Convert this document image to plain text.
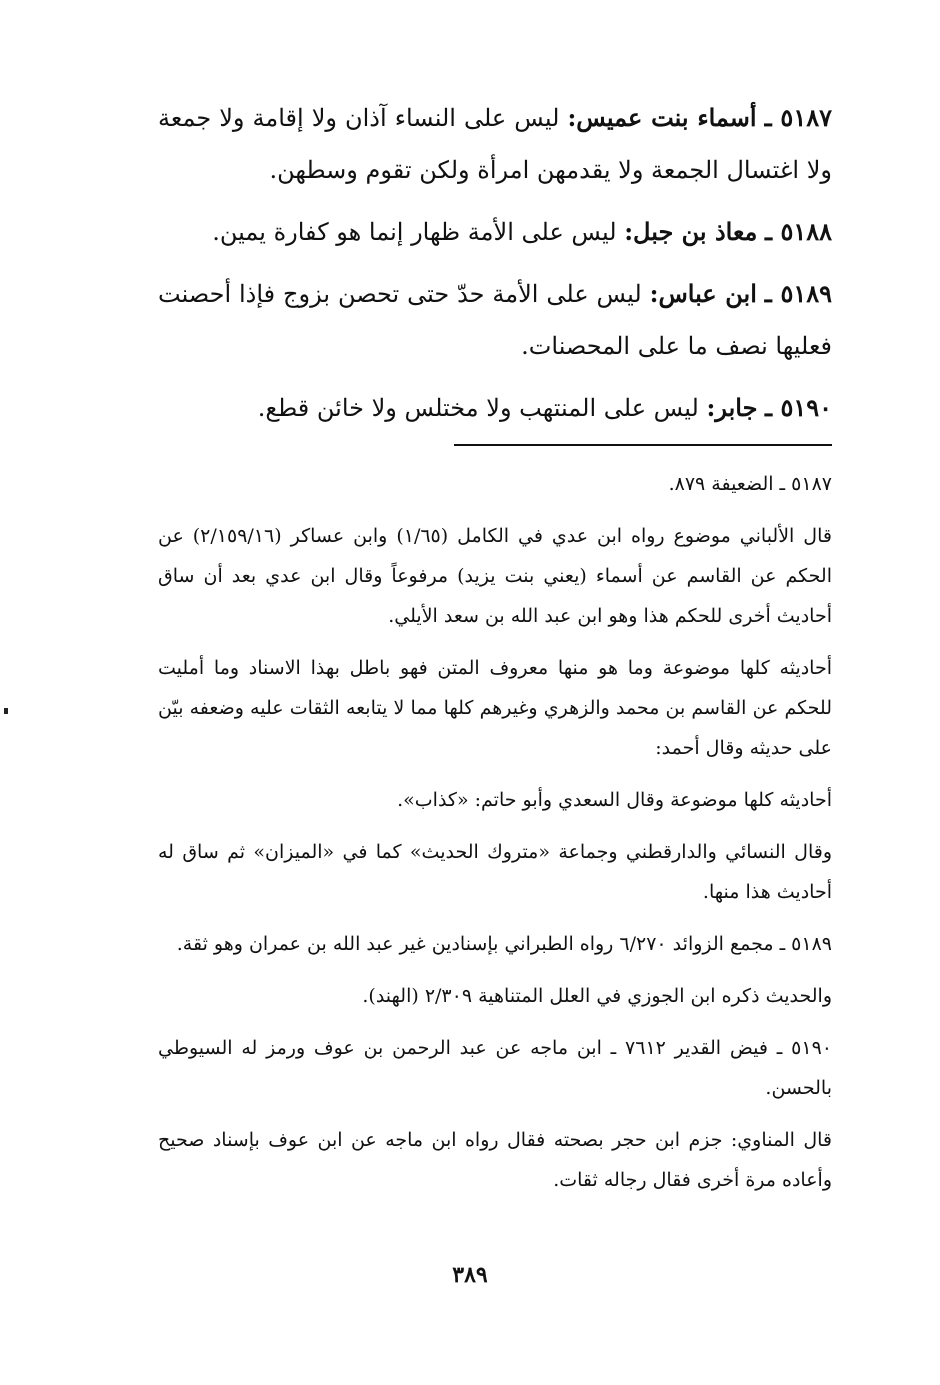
٥١٨٧ ـ أسماء بنت عميس: ليس على النساء آذان ولا إقامة ولا جمعة ولا اغتسال الجمعة ولا يقدمهن امرأة ولكن تقوم وسطهن.
٥١٨٨ ـ معاذ بن جبل: ليس على الأمة ظهار إنما هو كفارة يمين.
٥١٨٩ ـ ابن عباس: ليس على الأمة حدّ حتى تحصن بزوج فإذا أحصنت فعليها نصف ما على المحصنات.
٥١٩٠ ـ جابر: ليس على المنتهب ولا مختلس ولا خائن قطع.

٥١٨٧ ـ الضعيفة ٨٧٩.

قال الألباني موضوع رواه ابن عدي في الكامل (١/٦٥) وابن عساكر (٢/١٥٩/١٦) عن الحكم عن القاسم عن أسماء (يعني بنت يزيد) مرفوعاً وقال ابن عدي بعد أن ساق أحاديث أخرى للحكم هذا وهو ابن عبد الله بن سعد الأيلي.

أحاديثه كلها موضوعة وما هو منها معروف المتن فهو باطل بهذا الاسناد وما أمليت للحكم عن القاسم بن محمد والزهري وغيرهم كلها مما لا يتابعه الثقات عليه وضعفه بيّن على حديثه وقال أحمد:

أحاديثه كلها موضوعة وقال السعدي وأبو حاتم: «كذاب».

وقال النسائي والدارقطني وجماعة «متروك الحديث» كما في «الميزان» ثم ساق له أحاديث هذا منها.

٥١٨٩ ـ مجمع الزوائد ٦/٢٧٠ رواه الطبراني بإسنادين غير عبد الله بن عمران وهو ثقة.

والحديث ذكره ابن الجوزي في العلل المتناهية ٢/٣٠٩ (الهند).

٥١٩٠ ـ فيض القدير ٧٦١٢ ـ ابن ماجه عن عبد الرحمن بن عوف ورمز له السيوطي بالحسن.

قال المناوي: جزم ابن حجر بصحته فقال رواه ابن ماجه عن ابن عوف بإسناد صحيح وأعاده مرة أخرى فقال رجاله ثقات.

٣٨٩
